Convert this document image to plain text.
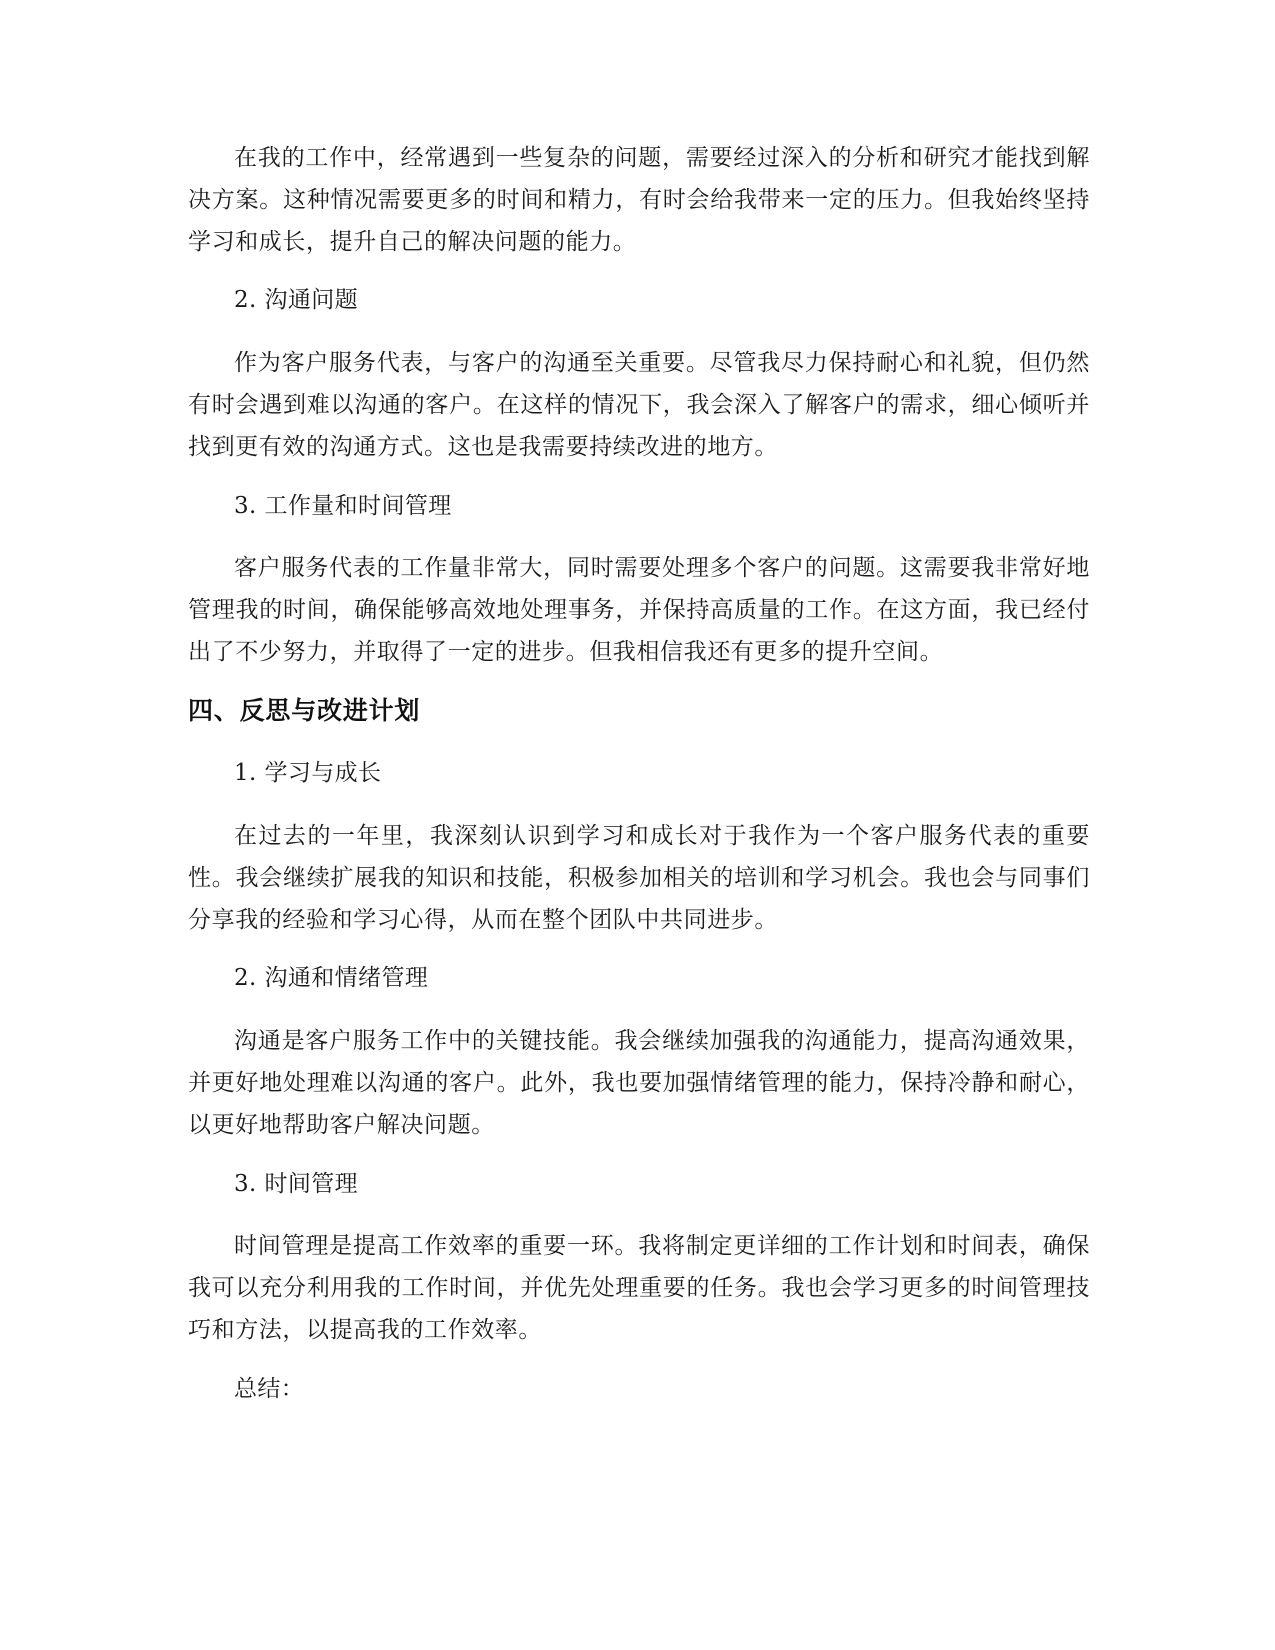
在我的工作中，经常遇到一些复杂的问题，需要经过深入的分析和研究才能找到解决方案。这种情况需要更多的时间和精力，有时会给我带来一定的压力。但我始终坚持学习和成长，提升自己的解决问题的能力。

2. 沟通问题

作为客户服务代表，与客户的沟通至关重要。尽管我尽力保持耐心和礼貌，但仍然有时会遇到难以沟通的客户。在这样的情况下，我会深入了解客户的需求，细心倾听并找到更有效的沟通方式。这也是我需要持续改进的地方。

3. 工作量和时间管理

客户服务代表的工作量非常大，同时需要处理多个客户的问题。这需要我非常好地管理我的时间，确保能够高效地处理事务，并保持高质量的工作。在这方面，我已经付出了不少努力，并取得了一定的进步。但我相信我还有更多的提升空间。

四、反思与改进计划

1. 学习与成长

在过去的一年里，我深刻认识到学习和成长对于我作为一个客户服务代表的重要性。我会继续扩展我的知识和技能，积极参加相关的培训和学习机会。我也会与同事们分享我的经验和学习心得，从而在整个团队中共同进步。

2. 沟通和情绪管理

沟通是客户服务工作中的关键技能。我会继续加强我的沟通能力，提高沟通效果，并更好地处理难以沟通的客户。此外，我也要加强情绪管理的能力，保持冷静和耐心，以更好地帮助客户解决问题。

3. 时间管理

时间管理是提高工作效率的重要一环。我将制定更详细的工作计划和时间表，确保我可以充分利用我的工作时间，并优先处理重要的任务。我也会学习更多的时间管理技巧和方法，以提高我的工作效率。

总结：
